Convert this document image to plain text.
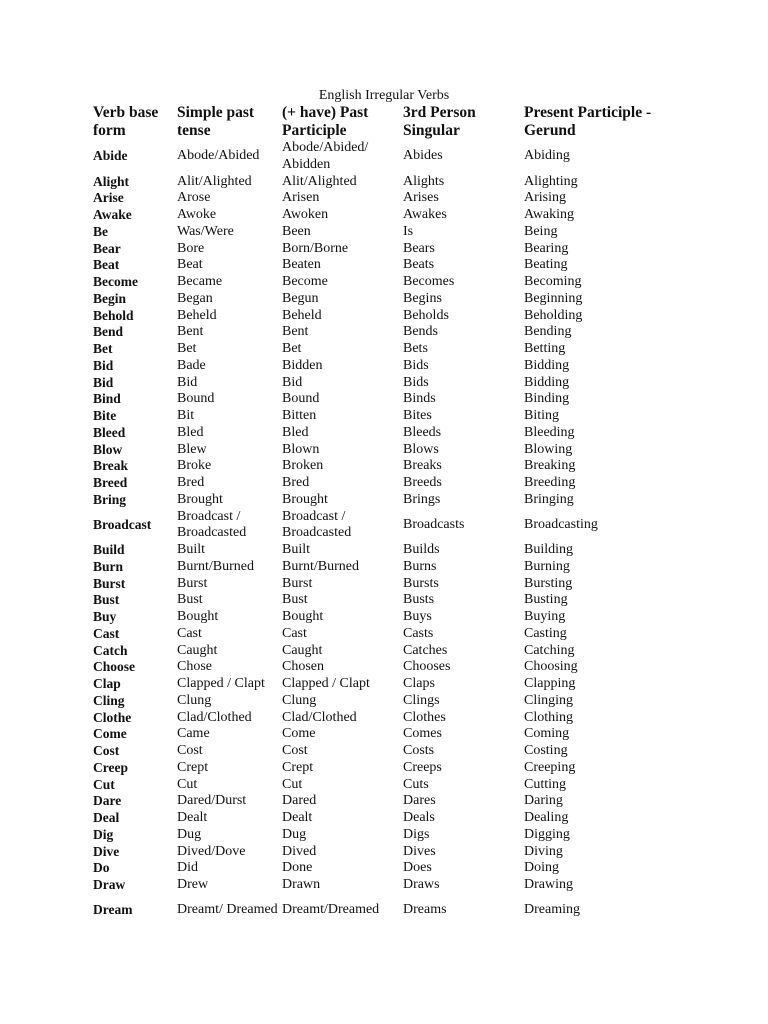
English Irregular Verbs
Verb base form	Simple past tense	(+ have) Past Participle	3rd Person Singular	Present Participle - Gerund
Abide	Abode/Abided	Abode/Abided/ Abidden	Abides	Abiding
Alight	Alit/Alighted	Alit/Alighted	Alights	Alighting
Arise	Arose	Arisen	Arises	Arising
Awake	Awoke	Awoken	Awakes	Awaking
Be	Was/Were	Been	Is	Being
Bear	Bore	Born/Borne	Bears	Bearing
Beat	Beat	Beaten	Beats	Beating
Become	Became	Become	Becomes	Becoming
Begin	Began	Begun	Begins	Beginning
Behold	Beheld	Beheld	Beholds	Beholding
Bend	Bent	Bent	Bends	Bending
Bet	Bet	Bet	Bets	Betting
Bid	Bade	Bidden	Bids	Bidding
Bid	Bid	Bid	Bids	Bidding
Bind	Bound	Bound	Binds	Binding
Bite	Bit	Bitten	Bites	Biting
Bleed	Bled	Bled	Bleeds	Bleeding
Blow	Blew	Blown	Blows	Blowing
Break	Broke	Broken	Breaks	Breaking
Breed	Bred	Bred	Breeds	Breeding
Bring	Brought	Brought	Brings	Bringing
Broadcast	Broadcast / Broadcasted	Broadcast / Broadcasted	Broadcasts	Broadcasting
Build	Built	Built	Builds	Building
Burn	Burnt/Burned	Burnt/Burned	Burns	Burning
Burst	Burst	Burst	Bursts	Bursting
Bust	Bust	Bust	Busts	Busting
Buy	Bought	Bought	Buys	Buying
Cast	Cast	Cast	Casts	Casting
Catch	Caught	Caught	Catches	Catching
Choose	Chose	Chosen	Chooses	Choosing
Clap	Clapped / Clapt	Clapped / Clapt	Claps	Clapping
Cling	Clung	Clung	Clings	Clinging
Clothe	Clad/Clothed	Clad/Clothed	Clothes	Clothing
Come	Came	Come	Comes	Coming
Cost	Cost	Cost	Costs	Costing
Creep	Crept	Crept	Creeps	Creeping
Cut	Cut	Cut	Cuts	Cutting
Dare	Dared/Durst	Dared	Dares	Daring
Deal	Dealt	Dealt	Deals	Dealing
Dig	Dug	Dug	Digs	Digging
Dive	Dived/Dove	Dived	Dives	Diving
Do	Did	Done	Does	Doing
Draw	Drew	Drawn	Draws	Drawing
Dream	Dreamt/ Dreamed	Dreamt/Dreamed	Dreams	Dreaming
